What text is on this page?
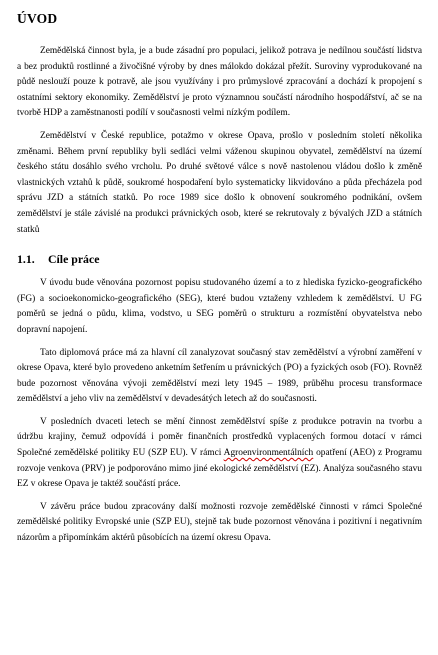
ÚVOD

Zemědělská činnost byla, je a bude zásadní pro populaci, jelikož potrava je nedílnou součástí lidstva a bez produktů rostlinné a živočišné výroby by dnes málokdo dokázal přežít. Suroviny vyprodukované na půdě neslouží pouze k potravě, ale jsou využívány i pro průmyslové zpracování a dochází k propojení s ostatními sektory ekonomiky. Zemědělství je proto významnou součástí národního hospodářství, ač se na tvorbě HDP a zaměstnanosti podílí v současnosti velmi nízkým podílem.

Zemědělství v České republice, potažmo v okrese Opava, prošlo v posledním století několika změnami. Během první republiky byli sedláci velmi váženou skupinou obyvatel, zemědělství na území českého státu dosáhlo svého vrcholu. Po druhé světové válce s nově nastolenou vládou došlo k změně vlastnických vztahů k půdě, soukromé hospodaření bylo systematicky likvidováno a půda přecházela pod správu JZD a státních statků. Po roce 1989 sice došlo k obnovení soukromého podnikání, ovšem zemědělství je stále závislé na produkci právnických osob, které se rekrutovaly z bývalých JZD a státních statků

1.1.	Cíle práce

V úvodu bude věnována pozornost popisu studovaného území a to z hlediska fyzicko-geografického (FG) a socioekonomicko-geografického (SEG), které budou vztaženy vzhledem k zemědělství. U FG poměrů se jedná o půdu, klima, vodstvo, u SEG poměrů o strukturu a rozmístění obyvatelstva nebo dopravní napojení.

Tato diplomová práce má za hlavní cíl zanalyzovat současný stav zemědělství a výrobní zaměření v okrese Opava, které bylo provedeno anketním šetřením u právnických (PO) a fyzických osob (FO). Rovněž bude pozornost věnována vývoji zemědělství mezi lety 1945 – 1989, průběhu procesu transformace zemědělství a jeho vliv na zemědělství v devadesátých letech až do současnosti.

V posledních dvaceti letech se mění činnost zemědělství spíše z produkce potravin na tvorbu a údržbu krajiny, čemuž odpovídá i poměr finančních prostředků vyplacených formou dotací v rámci Společné zemědělské politiky EU (SZP EU). V rámci Agroenvironmentálních opatření (AEO) z Programu rozvoje venkova (PRV) je podporováno mimo jiné ekologické zemědělství (EZ). Analýza současného stavu EZ v okrese Opava je taktéž součástí práce.

V závěru práce budou zpracovány další možnosti rozvoje zemědělské činnosti v rámci Společné zemědělské politiky Evropské unie (SZP EU), stejně tak bude pozornost věnována i pozitivní i negativním názorům a připomínkám aktérů působících na území okresu Opava.
